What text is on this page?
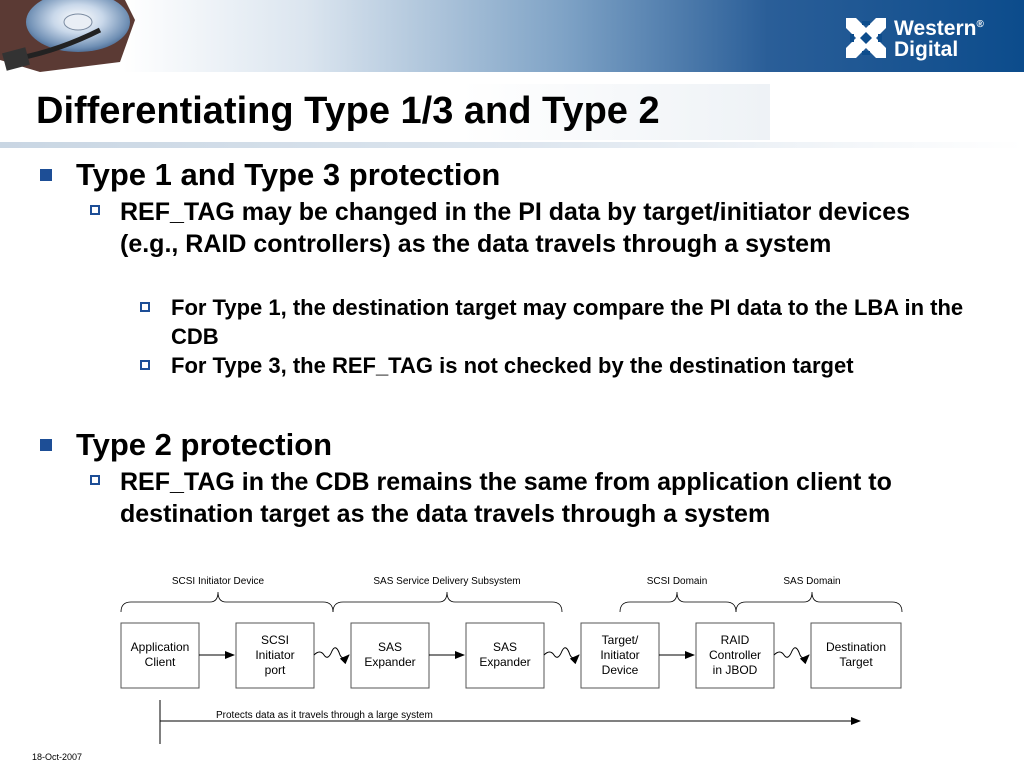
Western®
Digital
Differentiating Type 1/3 and Type 2
Type 1 and Type 3 protection
REF_TAG may be changed in the PI data by target/initiator devices (e.g., RAID controllers) as the data travels through a system
For Type 1, the destination target may compare the PI data to the LBA in the CDB
For Type 3, the REF_TAG is not checked by the destination target
Type 2 protection
REF_TAG in the CDB remains the same from application client to destination target as the data travels through a system
SCSI Initiator Device	SAS Service Delivery Subsystem	SCSI Domain	SAS Domain
Application
Client
SCSI
Initiator
port
SAS
Expander
SAS
Expander
Target/
Initiator
Device
RAID
Controller
in JBOD
Destination
Target
Protects data as it travels through a large system
18-Oct-2007
